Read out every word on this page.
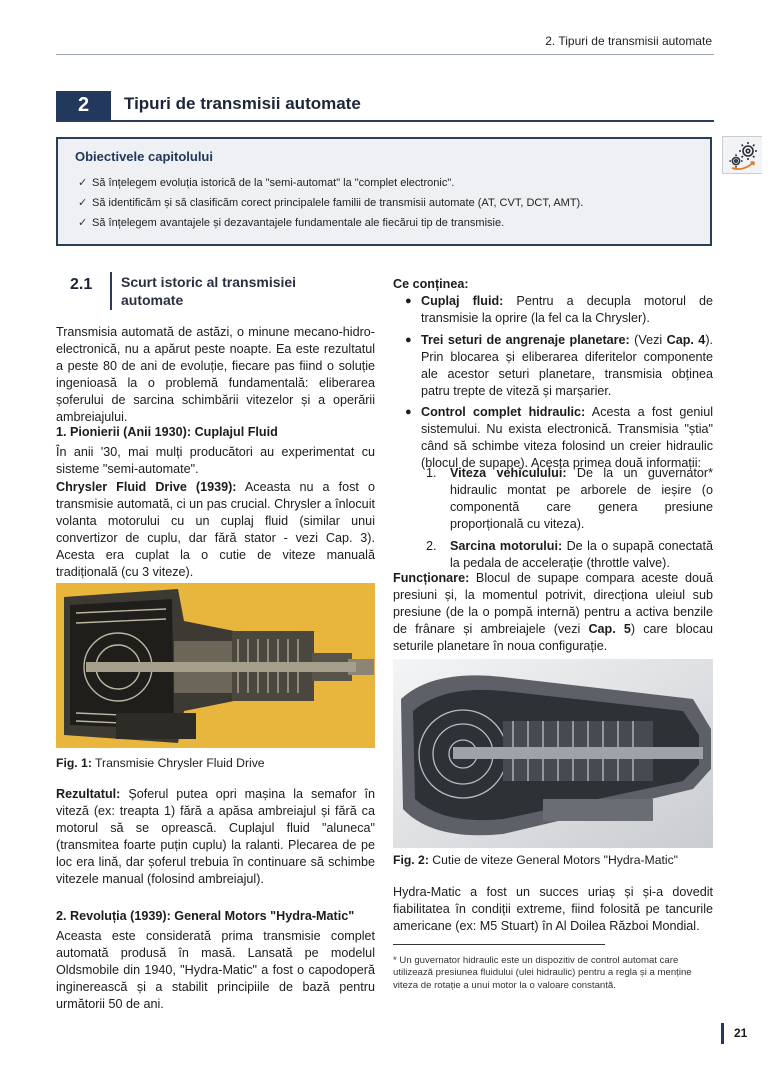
2. Tipuri de transmisii automate
2	Tipuri de transmisii automate
Obiectivele capitolului
✓ Să înțelegem evoluția istorică de la "semi-automat" la "complet electronic".
✓ Să identificăm și să clasificăm corect principalele familii de transmisii automate (AT, CVT, DCT, AMT).
✓ Să înțelegem avantajele și dezavantajele fundamentale ale fiecărui tip de transmisie.
2.1 Scurt istoric al transmisiei automate
Transmisia automată de astăzi, o minune mecano-hidro-electronică, nu a apărut peste noapte. Ea este rezultatul a peste 80 de ani de evoluție, fiecare pas fiind o soluție ingenioasă la o problemă fundamentală: eliberarea șoferului de sarcina schimbării vitezelor și a operării ambreiajului.
1. Pionierii (Anii 1930): Cuplajul Fluid
În anii '30, mai mulți producători au experimentat cu sisteme "semi-automate".
Chrysler Fluid Drive (1939): Aceasta nu a fost o transmisie automată, ci un pas crucial. Chrysler a înlocuit volanta motorului cu un cuplaj fluid (similar unui convertizor de cuplu, dar fără stator - vezi Cap. 3). Acesta era cuplat la o cutie de viteze manuală tradițională (cu 3 viteze).
Fig. 1: Transmisie Chrysler Fluid Drive
Rezultatul: Șoferul putea opri mașina la semafor în viteză (ex: treapta 1) fără a apăsa ambreiajul și fără ca motorul să se oprească. Cuplajul fluid "aluneca" (transmitea foarte puțin cuplu) la ralanti. Plecarea de pe loc era lină, dar șoferul trebuia în continuare să schimbe vitezele manual (folosind ambreiajul).
2. Revoluția (1939): General Motors "Hydra-Matic"
Aceasta este considerată prima transmisie complet automată produsă în masă. Lansată pe modelul Oldsmobile din 1940, "Hydra-Matic" a fost o capodoperă inginerească și a stabilit principiile de bază pentru următorii 50 de ani.
Ce conținea:
● Cuplaj fluid: Pentru a decupla motorul de transmisie la oprire (la fel ca la Chrysler).
● Trei seturi de angrenaje planetare: (Vezi Cap. 4). Prin blocarea și eliberarea diferitelor componente ale acestor seturi planetare, transmisia obținea patru trepte de viteză și marșarier.
● Control complet hidraulic: Acesta a fost geniul sistemului. Nu exista electronică. Transmisia "știa" când să schimbe viteza folosind un creier hidraulic (blocul de supape). Acesta primea două informații:
1. Viteza vehiculului: De la un guvernator* hidraulic montat pe arborele de ieșire (o componentă care genera presiune proporțională cu viteza).
2. Sarcina motorului: De la o supapă conectată la pedala de accelerație (throttle valve).
Funcționare: Blocul de supape compara aceste două presiuni și, la momentul potrivit, direcționa uleiul sub presiune (de la o pompă internă) pentru a activa benzile de frânare și ambreiajele (vezi Cap. 5) care blocau seturile planetare în noua configurație.
Fig. 2: Cutie de viteze General Motors "Hydra-Matic"
Hydra-Matic a fost un succes uriaș și și-a dovedit fiabilitatea în condiții extreme, fiind folosită pe tancurile americane (ex: M5 Stuart) în Al Doilea Război Mondial.
* Un guvernator hidraulic este un dispozitiv de control automat care utilizează presiunea fluidului (ulei hidraulic) pentru a regla și a menține viteza de rotație a unui motor la o valoare constantă.
21
